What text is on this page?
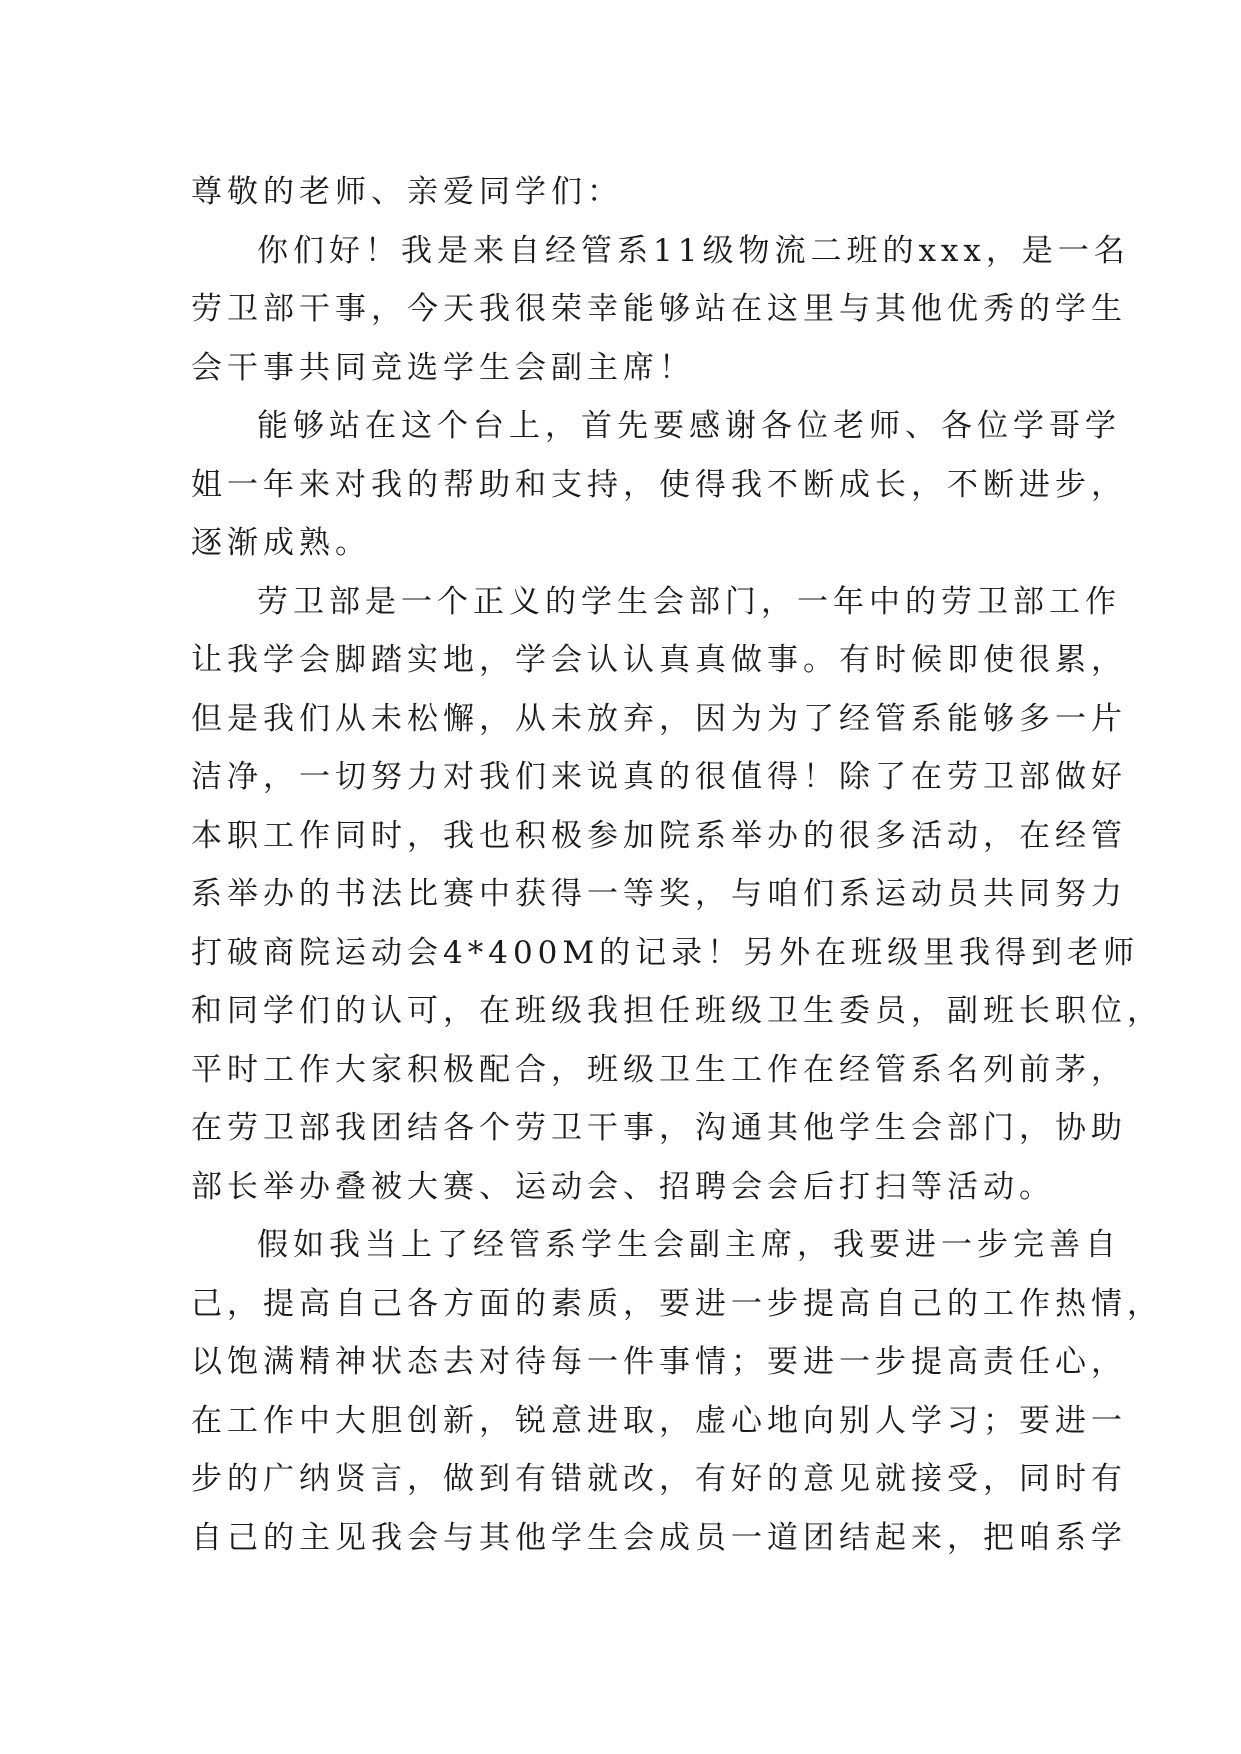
尊敬的老师、亲爱同学们：
你们好！我是来自经管系11级物流二班的xxx，是一名
劳卫部干事，今天我很荣幸能够站在这里与其他优秀的学生
会干事共同竞选学生会副主席！
能够站在这个台上，首先要感谢各位老师、各位学哥学
姐一年来对我的帮助和支持，使得我不断成长，不断进步，
逐渐成熟。
劳卫部是一个正义的学生会部门，一年中的劳卫部工作
让我学会脚踏实地，学会认认真真做事。有时候即使很累，
但是我们从未松懈，从未放弃，因为为了经管系能够多一片
洁净，一切努力对我们来说真的很值得！除了在劳卫部做好
本职工作同时，我也积极参加院系举办的很多活动，在经管
系举办的书法比赛中获得一等奖，与咱们系运动员共同努力
打破商院运动会4*400M的记录！另外在班级里我得到老师
和同学们的认可，在班级我担任班级卫生委员，副班长职位，
平时工作大家积极配合，班级卫生工作在经管系名列前茅，
在劳卫部我团结各个劳卫干事，沟通其他学生会部门，协助
部长举办叠被大赛、运动会、招聘会会后打扫等活动。
假如我当上了经管系学生会副主席，我要进一步完善自
己，提高自己各方面的素质，要进一步提高自己的工作热情，
以饱满精神状态去对待每一件事情；要进一步提高责任心，
在工作中大胆创新，锐意进取，虚心地向别人学习；要进一
步的广纳贤言，做到有错就改，有好的意见就接受，同时有
自己的主见我会与其他学生会成员一道团结起来，把咱系学
